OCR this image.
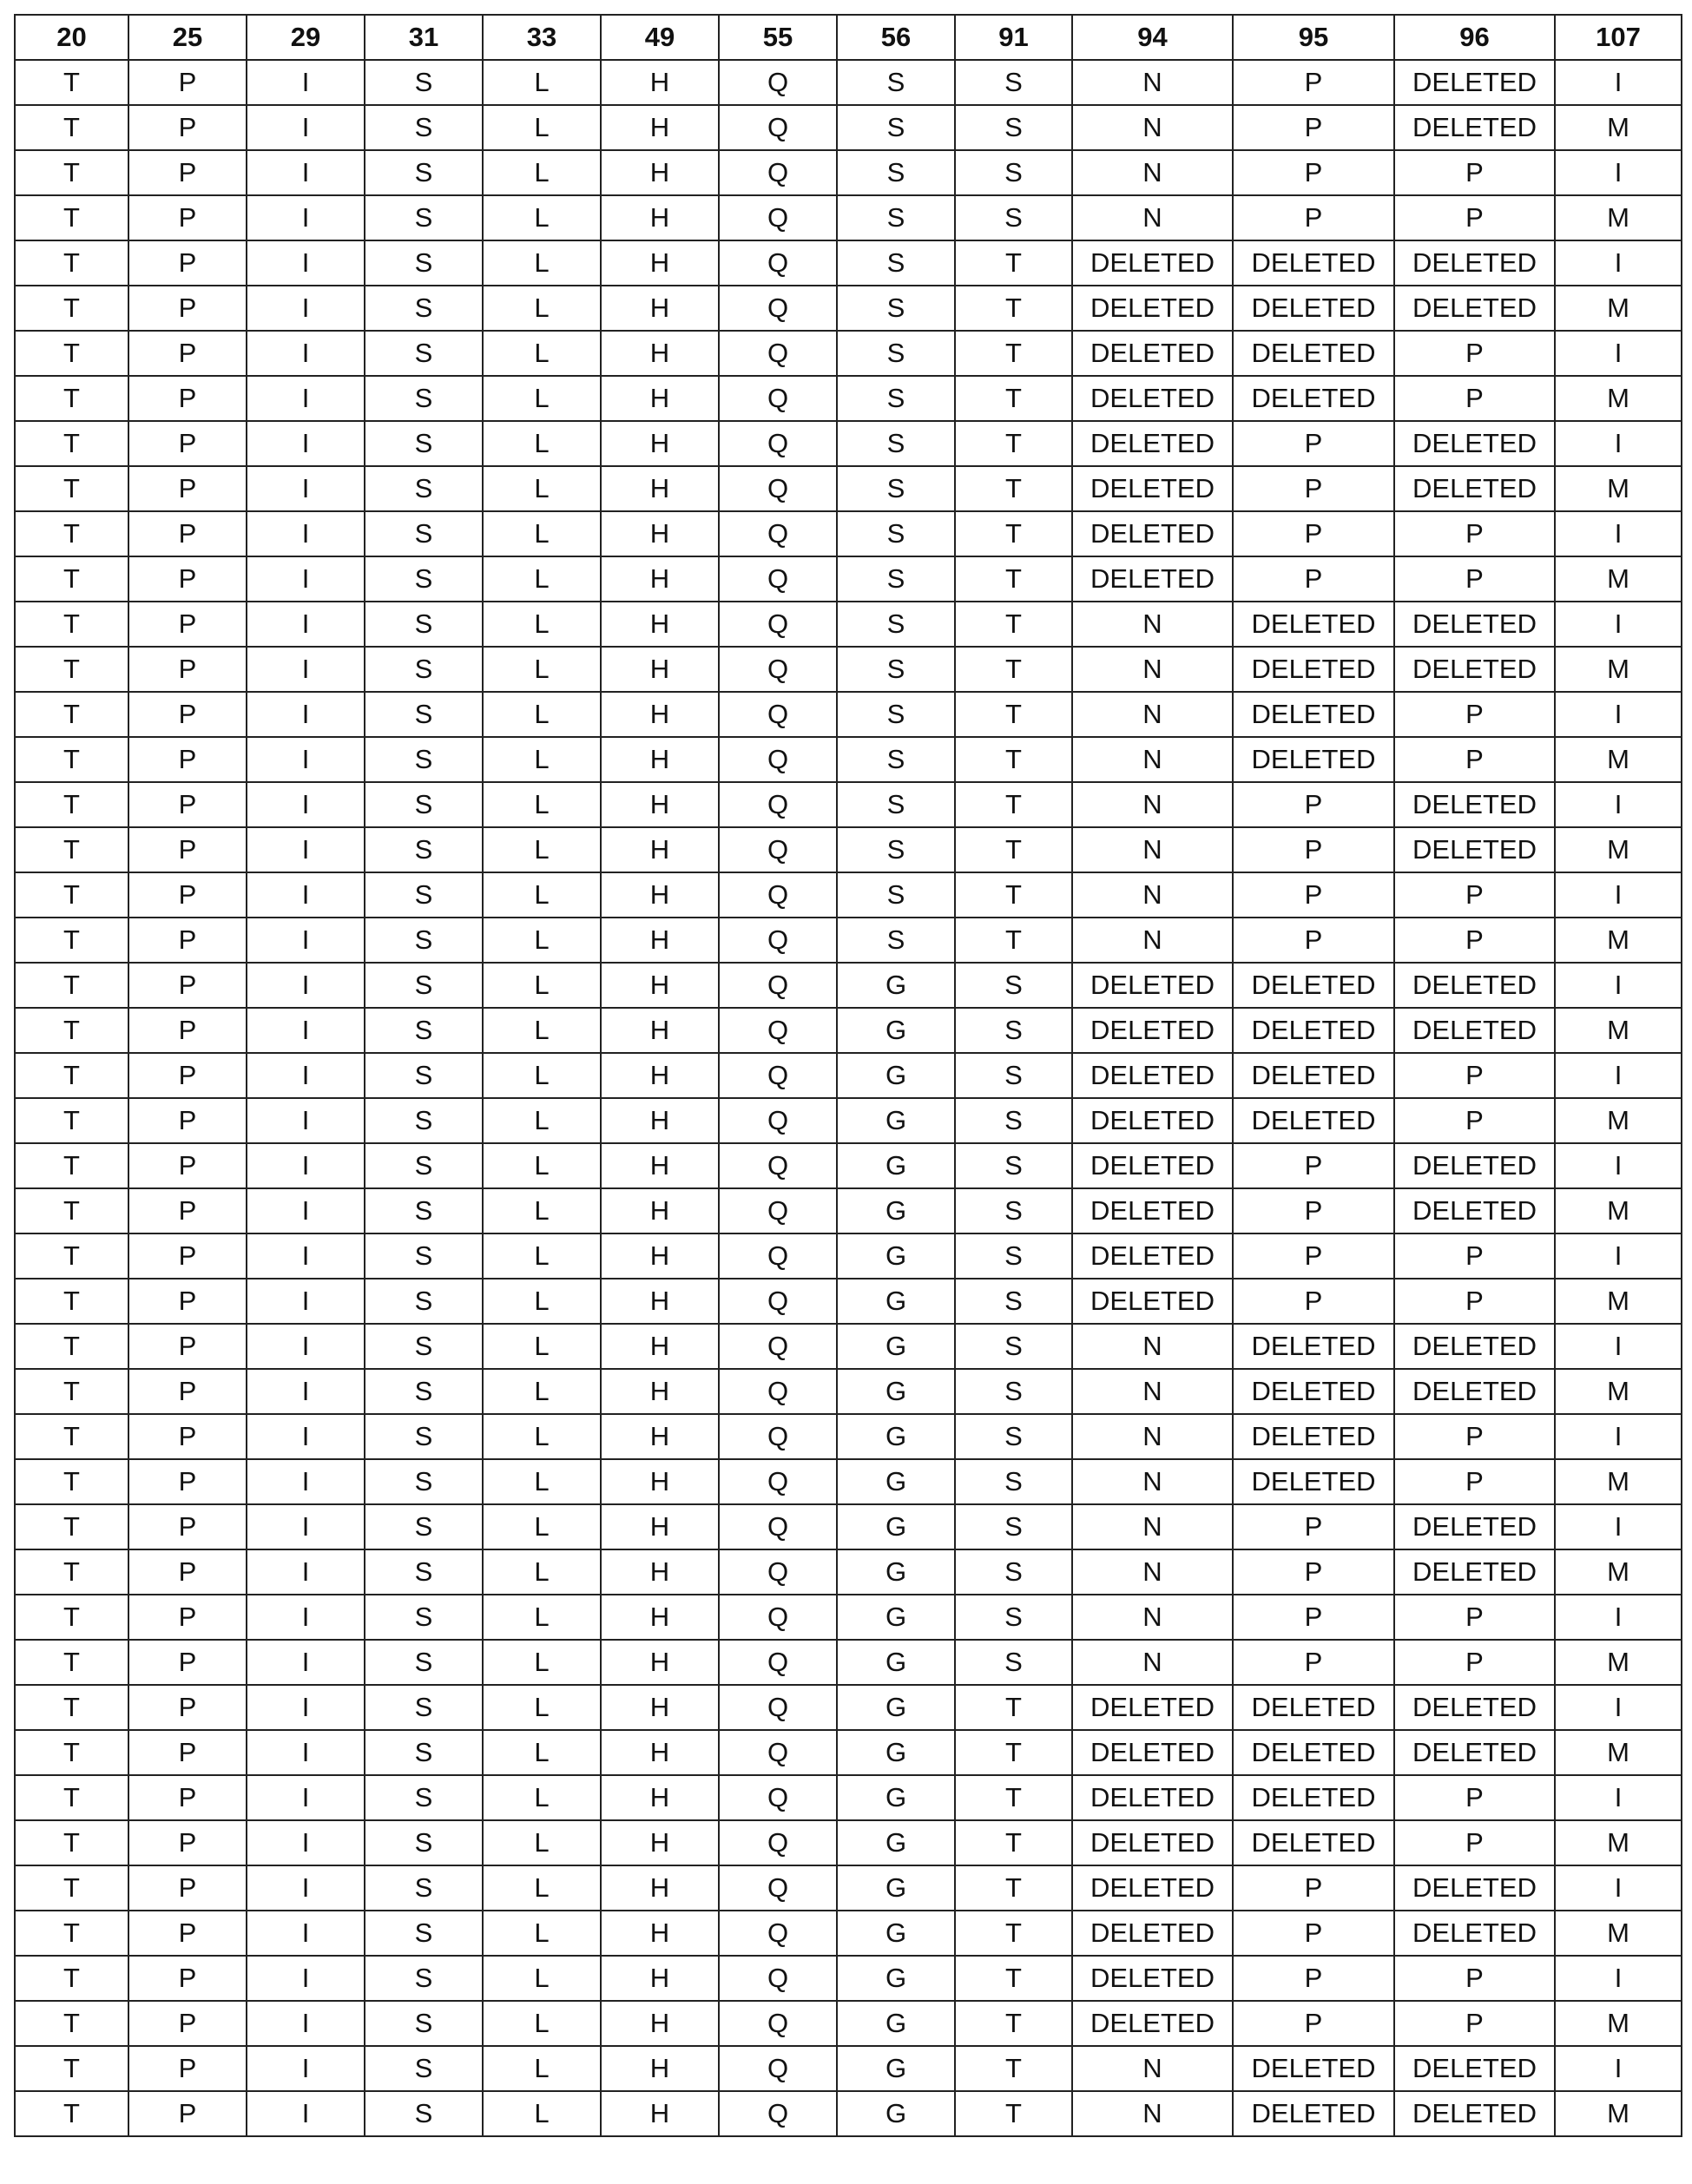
20	25	29	31	33	49	55	56	91	94	95	96	107
T	P	I	S	L	H	Q	S	S	N	P	DELETED	I
T	P	I	S	L	H	Q	S	S	N	P	DELETED	M
T	P	I	S	L	H	Q	S	S	N	P	P	I
T	P	I	S	L	H	Q	S	S	N	P	P	M
T	P	I	S	L	H	Q	S	T	DELETED	DELETED	DELETED	I
T	P	I	S	L	H	Q	S	T	DELETED	DELETED	DELETED	M
T	P	I	S	L	H	Q	S	T	DELETED	DELETED	P	I
T	P	I	S	L	H	Q	S	T	DELETED	DELETED	P	M
T	P	I	S	L	H	Q	S	T	DELETED	P	DELETED	I
T	P	I	S	L	H	Q	S	T	DELETED	P	DELETED	M
T	P	I	S	L	H	Q	S	T	DELETED	P	P	I
T	P	I	S	L	H	Q	S	T	DELETED	P	P	M
T	P	I	S	L	H	Q	S	T	N	DELETED	DELETED	I
T	P	I	S	L	H	Q	S	T	N	DELETED	DELETED	M
T	P	I	S	L	H	Q	S	T	N	DELETED	P	I
T	P	I	S	L	H	Q	S	T	N	DELETED	P	M
T	P	I	S	L	H	Q	S	T	N	P	DELETED	I
T	P	I	S	L	H	Q	S	T	N	P	DELETED	M
T	P	I	S	L	H	Q	S	T	N	P	P	I
T	P	I	S	L	H	Q	S	T	N	P	P	M
T	P	I	S	L	H	Q	G	S	DELETED	DELETED	DELETED	I
T	P	I	S	L	H	Q	G	S	DELETED	DELETED	DELETED	M
T	P	I	S	L	H	Q	G	S	DELETED	DELETED	P	I
T	P	I	S	L	H	Q	G	S	DELETED	DELETED	P	M
T	P	I	S	L	H	Q	G	S	DELETED	P	DELETED	I
T	P	I	S	L	H	Q	G	S	DELETED	P	DELETED	M
T	P	I	S	L	H	Q	G	S	DELETED	P	P	I
T	P	I	S	L	H	Q	G	S	DELETED	P	P	M
T	P	I	S	L	H	Q	G	S	N	DELETED	DELETED	I
T	P	I	S	L	H	Q	G	S	N	DELETED	DELETED	M
T	P	I	S	L	H	Q	G	S	N	DELETED	P	I
T	P	I	S	L	H	Q	G	S	N	DELETED	P	M
T	P	I	S	L	H	Q	G	S	N	P	DELETED	I
T	P	I	S	L	H	Q	G	S	N	P	DELETED	M
T	P	I	S	L	H	Q	G	S	N	P	P	I
T	P	I	S	L	H	Q	G	S	N	P	P	M
T	P	I	S	L	H	Q	G	T	DELETED	DELETED	DELETED	I
T	P	I	S	L	H	Q	G	T	DELETED	DELETED	DELETED	M
T	P	I	S	L	H	Q	G	T	DELETED	DELETED	P	I
T	P	I	S	L	H	Q	G	T	DELETED	DELETED	P	M
T	P	I	S	L	H	Q	G	T	DELETED	P	DELETED	I
T	P	I	S	L	H	Q	G	T	DELETED	P	DELETED	M
T	P	I	S	L	H	Q	G	T	DELETED	P	P	I
T	P	I	S	L	H	Q	G	T	DELETED	P	P	M
T	P	I	S	L	H	Q	G	T	N	DELETED	DELETED	I
T	P	I	S	L	H	Q	G	T	N	DELETED	DELETED	M
